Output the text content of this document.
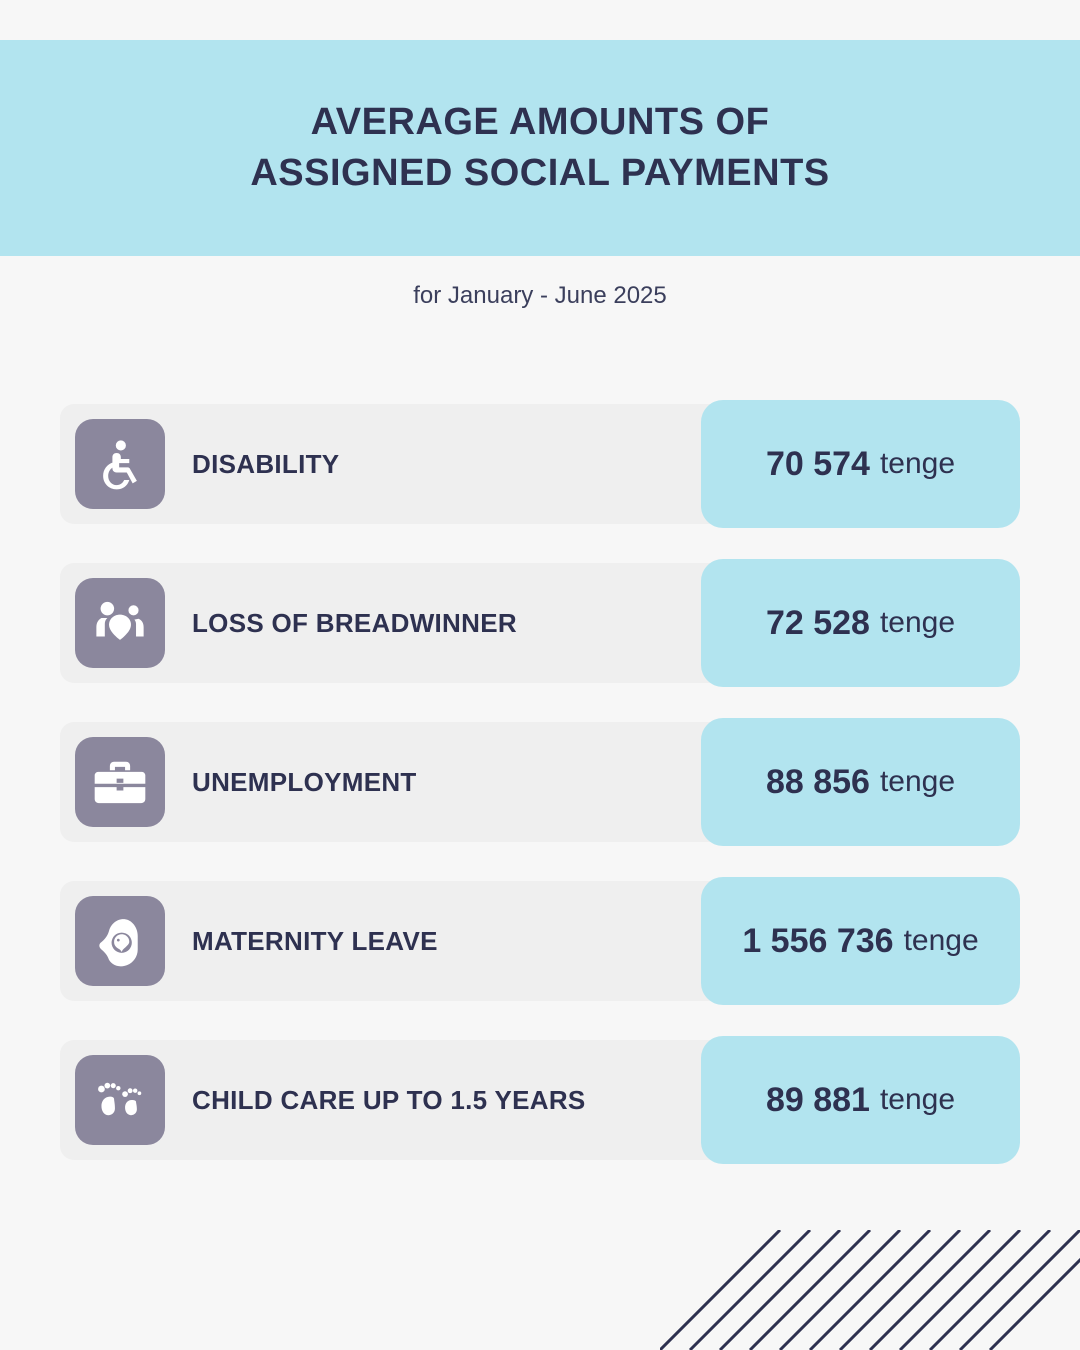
AVERAGE AMOUNTS OF
ASSIGNED SOCIAL PAYMENTS
for January - June 2025
DISABILITY	70 574 tenge
LOSS OF BREADWINNER	72 528 tenge
UNEMPLOYMENT	88 856 tenge
MATERNITY LEAVE	1 556 736 tenge
CHILD CARE UP TO 1.5 YEARS	89 881 tenge
